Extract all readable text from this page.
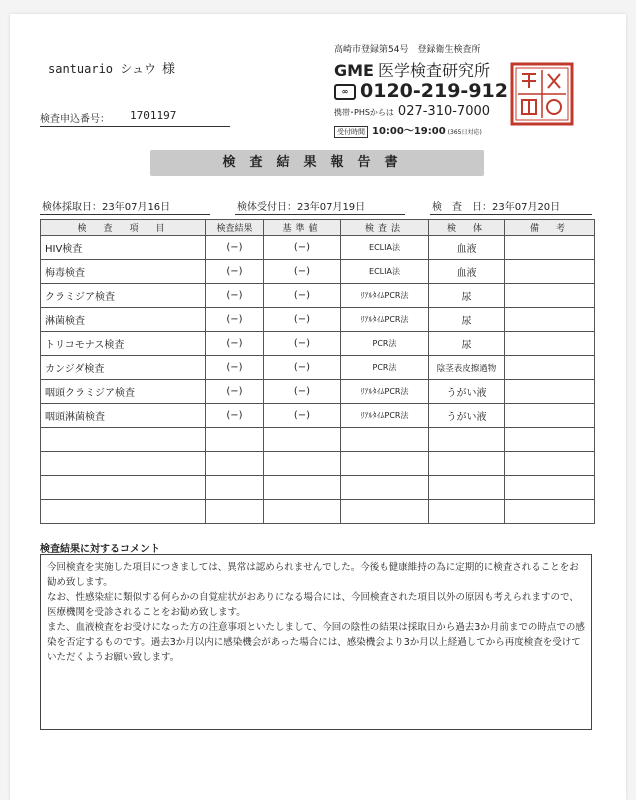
santuario シュウ 様
検査申込番号： 1701197
高崎市登録第54号　登録衛生検査所
GME 医学検査研究所
∞ 0120-219-912
携帯･PHSからは 027-310-7000
受付時間 10:00〜19:00 (365日対応)
検査結果報告書
検体採取日：23年07月16日	検体受付日：23年07月19日	検　査　日：23年07月20日
検　査　項　目	検査結果	基準値	検査法	検　体	備　考
HIV検査	(−)	(−)	ECLIA法	血液	
梅毒検査	(−)	(−)	ECLIA法	血液	
クラミジア検査	(−)	(−)	ﾘｱﾙﾀｲﾑPCR法	尿	
淋菌検査	(−)	(−)	ﾘｱﾙﾀｲﾑPCR法	尿	
トリコモナス検査	(−)	(−)	PCR法	尿	
カンジダ検査	(−)	(−)	PCR法	陰茎表皮擦過物	
咽頭クラミジア検査	(−)	(−)	ﾘｱﾙﾀｲﾑPCR法	うがい液	
咽頭淋菌検査	(−)	(−)	ﾘｱﾙﾀｲﾑPCR法	うがい液	

検査結果に対するコメント

今回検査を実施した項目につきましては、異常は認められませんでした。今後も健康維持の為に定期的に検査されることをお勧め致します。

なお、性感染症に類似する何らかの自覚症状がおありになる場合には、今回検査された項目以外の原因も考えられますので、医療機関を受診されることをお勧め致します。

また、血液検査をお受けになった方の注意事項といたしまして、今回の陰性の結果は採取日から過去3か月前までの時点での感染を否定するものです。過去3か月以内に感染機会があった場合には、感染機会より3か月以上経過してから再度検査を受けていただくようお願い致します。
